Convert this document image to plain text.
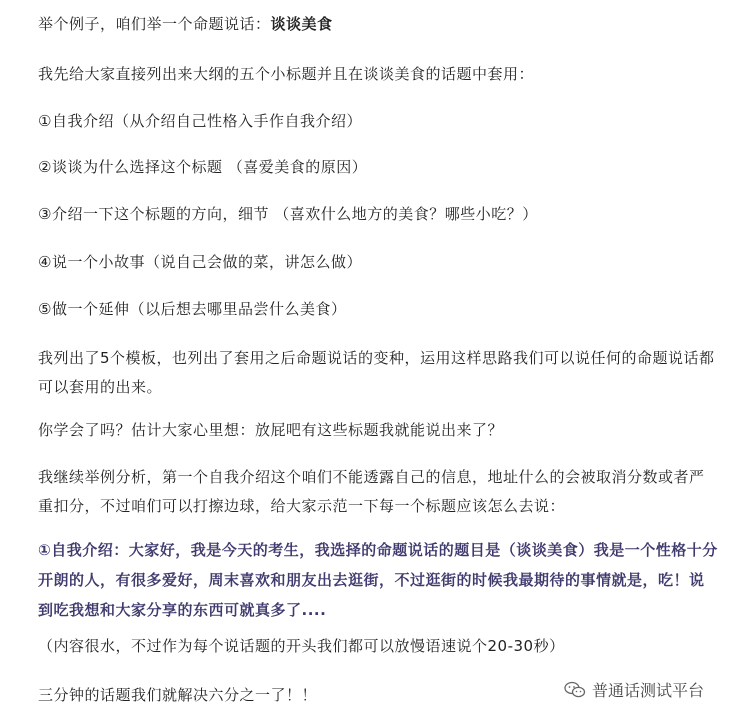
举个例子，咱们举一个命题说话：谈谈美食

我先给大家直接列出来大纲的五个小标题并且在谈谈美食的话题中套用：

①自我介绍（从介绍自己性格入手作自我介绍）

②谈谈为什么选择这个标题 （喜爱美食的原因）

③介绍一下这个标题的方向，细节 （喜欢什么地方的美食？哪些小吃？）

④说一个小故事（说自己会做的菜，讲怎么做）

⑤做一个延伸（以后想去哪里品尝什么美食）

我列出了5个模板，也列出了套用之后命题说话的变种，运用这样思路我们可以说任何的命题说话都可以套用的出来。

你学会了吗？估计大家心里想：放屁吧有这些标题我就能说出来了？

我继续举例分析，第一个自我介绍这个咱们不能透露自己的信息，地址什么的会被取消分数或者严重扣分，不过咱们可以打擦边球，给大家示范一下每一个标题应该怎么去说：

①自我介绍：大家好，我是今天的考生，我选择的命题说话的题目是（谈谈美食）我是一个性格十分开朗的人，有很多爱好，周末喜欢和朋友出去逛街，不过逛街的时候我最期待的事情就是，吃！说到吃我想和大家分享的东西可就真多了....

（内容很水，不过作为每个说话题的开头我们都可以放慢语速说个20-30秒）

三分钟的话题我们就解决六分之一了！！	普通话测试平台
